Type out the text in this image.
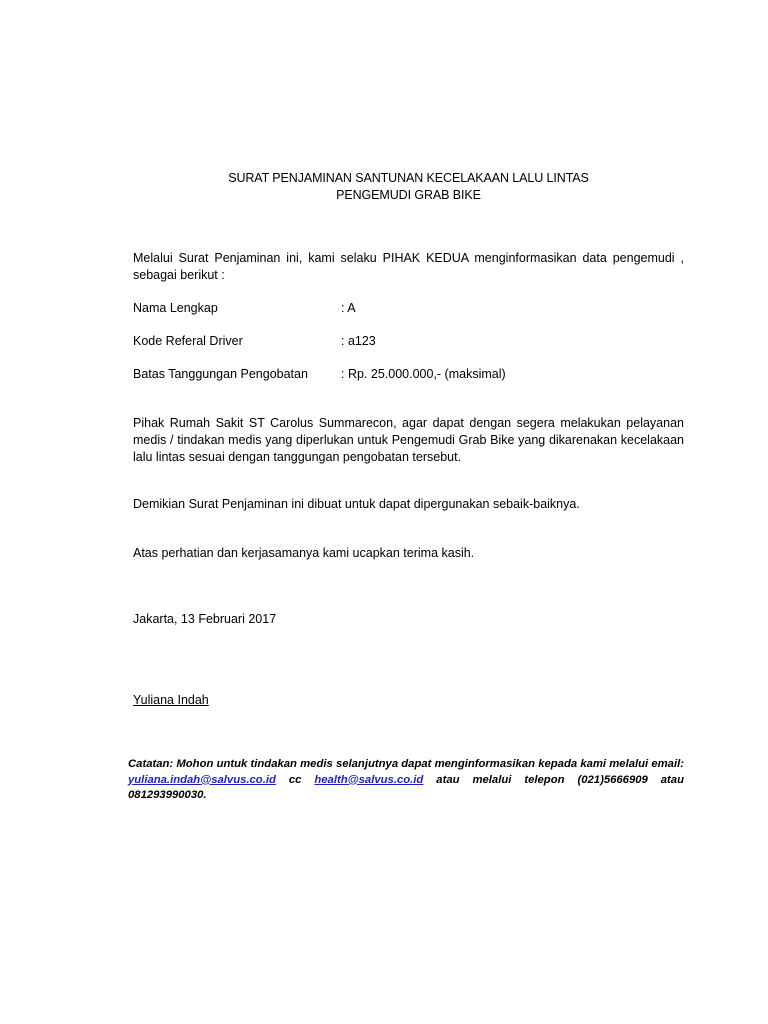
SURAT PENJAMINAN SANTUNAN KECELAKAAN LALU LINTAS
PENGEMUDI GRAB BIKE
Melalui Surat Penjaminan ini, kami selaku PIHAK KEDUA menginformasikan data pengemudi , sebagai berikut :
Nama Lengkap	: A
Kode Referal Driver	: a123
Batas Tanggungan Pengobatan	: Rp. 25.000.000,- (maksimal)
Pihak Rumah Sakit ST Carolus Summarecon, agar dapat dengan segera melakukan pelayanan medis / tindakan medis yang diperlukan untuk Pengemudi Grab Bike yang dikarenakan kecelakaan lalu lintas sesuai dengan tanggungan pengobatan tersebut.
Demikian Surat Penjaminan ini dibuat untuk dapat dipergunakan sebaik-baiknya.
Atas perhatian dan kerjasamanya kami ucapkan terima kasih.
Jakarta, 13 Februari 2017
Yuliana Indah
Catatan: Mohon untuk tindakan medis selanjutnya dapat menginformasikan kepada kami melalui email: yuliana.indah@salvus.co.id cc health@salvus.co.id atau melalui telepon (021)5666909 atau 081293990030.
